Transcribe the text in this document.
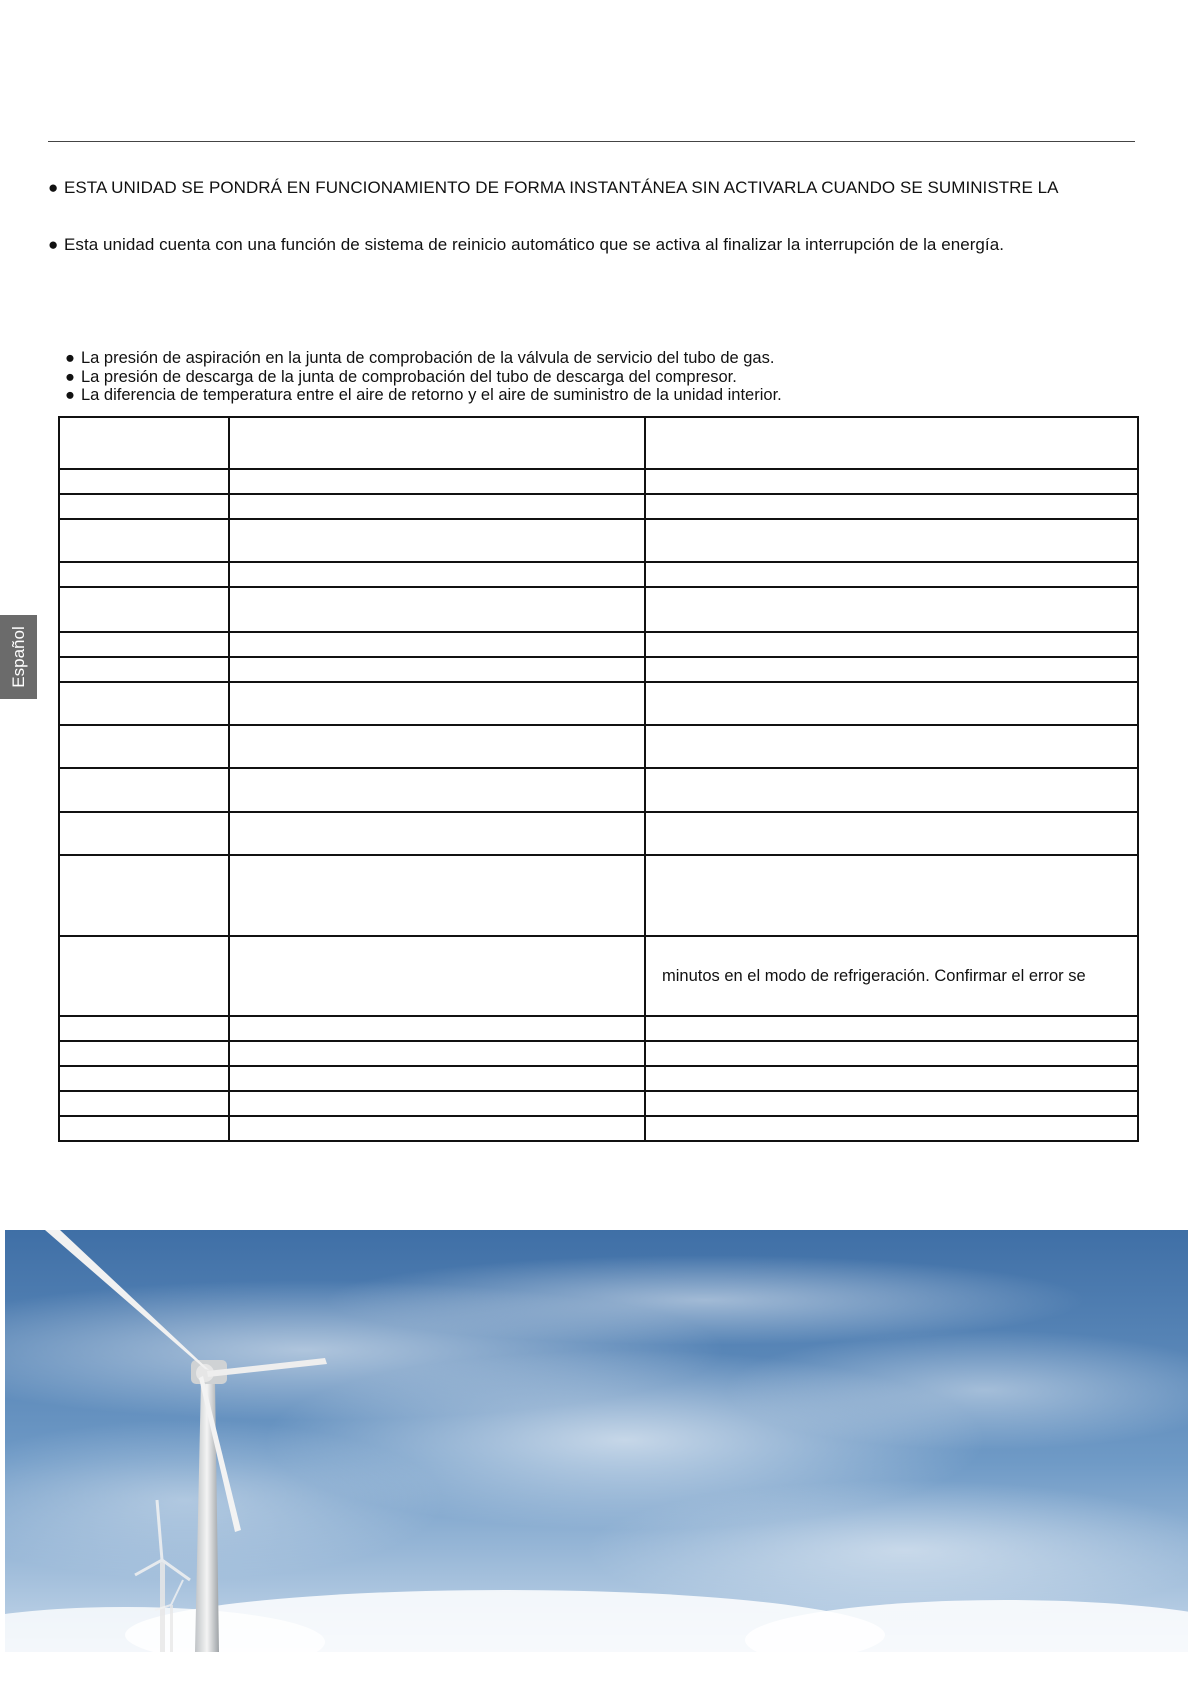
● ESTA UNIDAD SE PONDRÁ EN FUNCIONAMIENTO DE FORMA INSTANTÁNEA SIN ACTIVARLA CUANDO SE SUMINISTRE LA
● Esta unidad cuenta con una función de sistema de reinicio automático que se activa al finalizar la interrupción de la energía.
● La presión de aspiración en la junta de comprobación de la válvula de servicio del tubo de gas.
● La presión de descarga de la junta de comprobación del tubo de descarga del compresor.
● La diferencia de temperatura entre el aire de retorno y el aire de suministro de la unidad interior.
Español

		minutos en el modo de refrigeración. Confirmar el error se
